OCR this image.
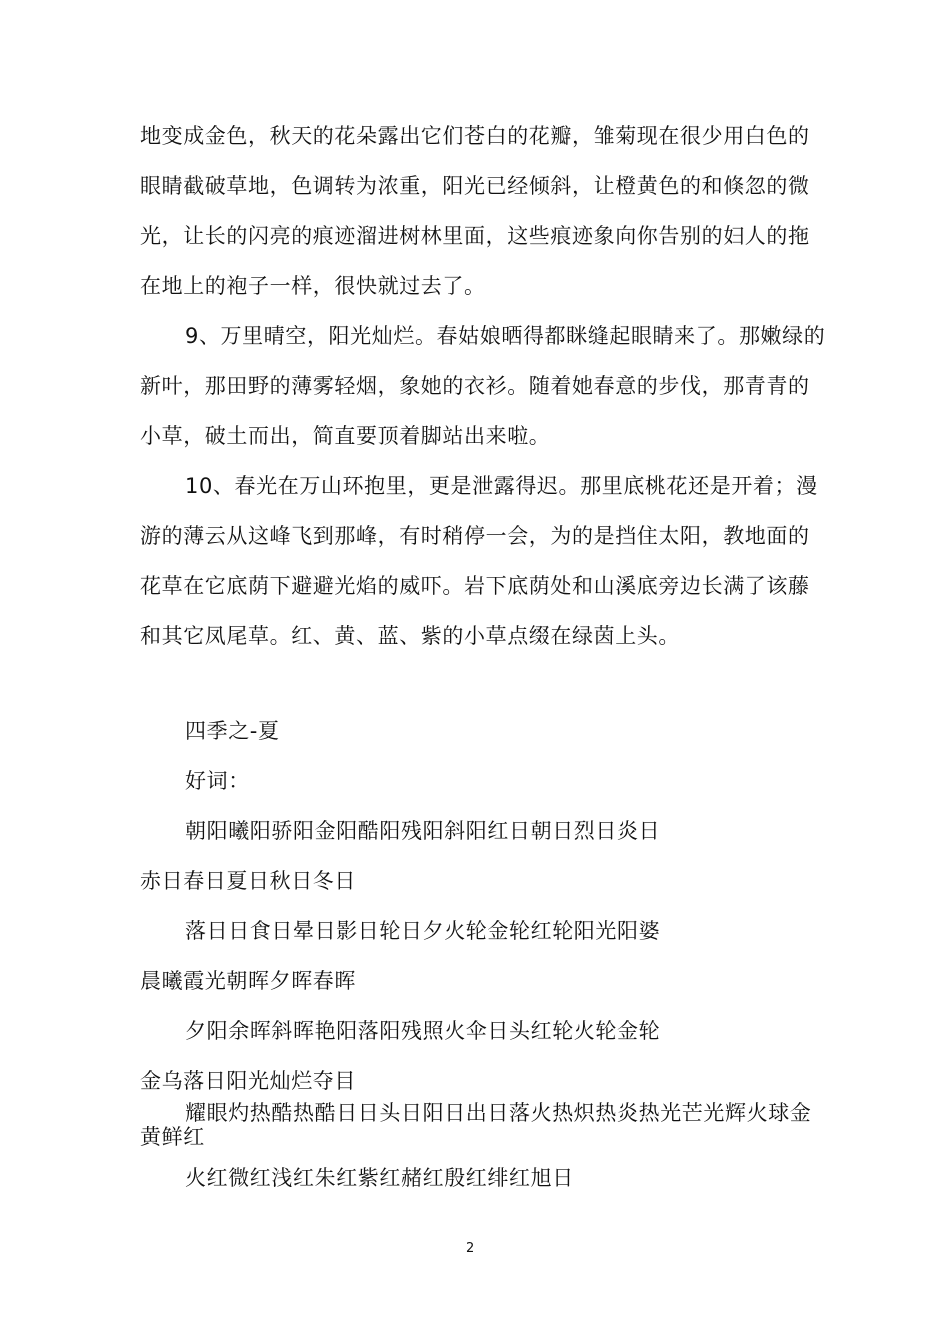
地变成金色，秋天的花朵露出它们苍白的花瓣，雏菊现在很少用白色的
眼睛截破草地，色调转为浓重，阳光已经倾斜，让橙黄色的和倏忽的微
光，让长的闪亮的痕迹溜进树林里面，这些痕迹象向你告别的妇人的拖
在地上的袍子一样，很快就过去了。
9、万里晴空，阳光灿烂。春姑娘晒得都眯缝起眼睛来了。那嫩绿的
新叶，那田野的薄雾轻烟，象她的衣衫。随着她春意的步伐，那青青的
小草，破土而出，简直要顶着脚站出来啦。
10、春光在万山环抱里，更是泄露得迟。那里底桃花还是开着；漫
游的薄云从这峰飞到那峰，有时稍停一会，为的是挡住太阳，教地面的
花草在它底荫下避避光焰的威吓。岩下底荫处和山溪底旁边长满了该藤
和其它凤尾草。红、黄、蓝、紫的小草点缀在绿茵上头。
四季之-夏
好词：
朝阳曦阳骄阳金阳酷阳残阳斜阳红日朝日烈日炎日
赤日春日夏日秋日冬日
落日日食日晕日影日轮日夕火轮金轮红轮阳光阳婆
晨曦霞光朝晖夕晖春晖
夕阳余晖斜晖艳阳落阳残照火伞日头红轮火轮金轮
金乌落日阳光灿烂夺目
耀眼灼热酷热酷日日头日阳日出日落火热炽热炎热光芒光辉火球金黄鲜红
火红微红浅红朱红紫红赭红殷红绯红旭日
2
